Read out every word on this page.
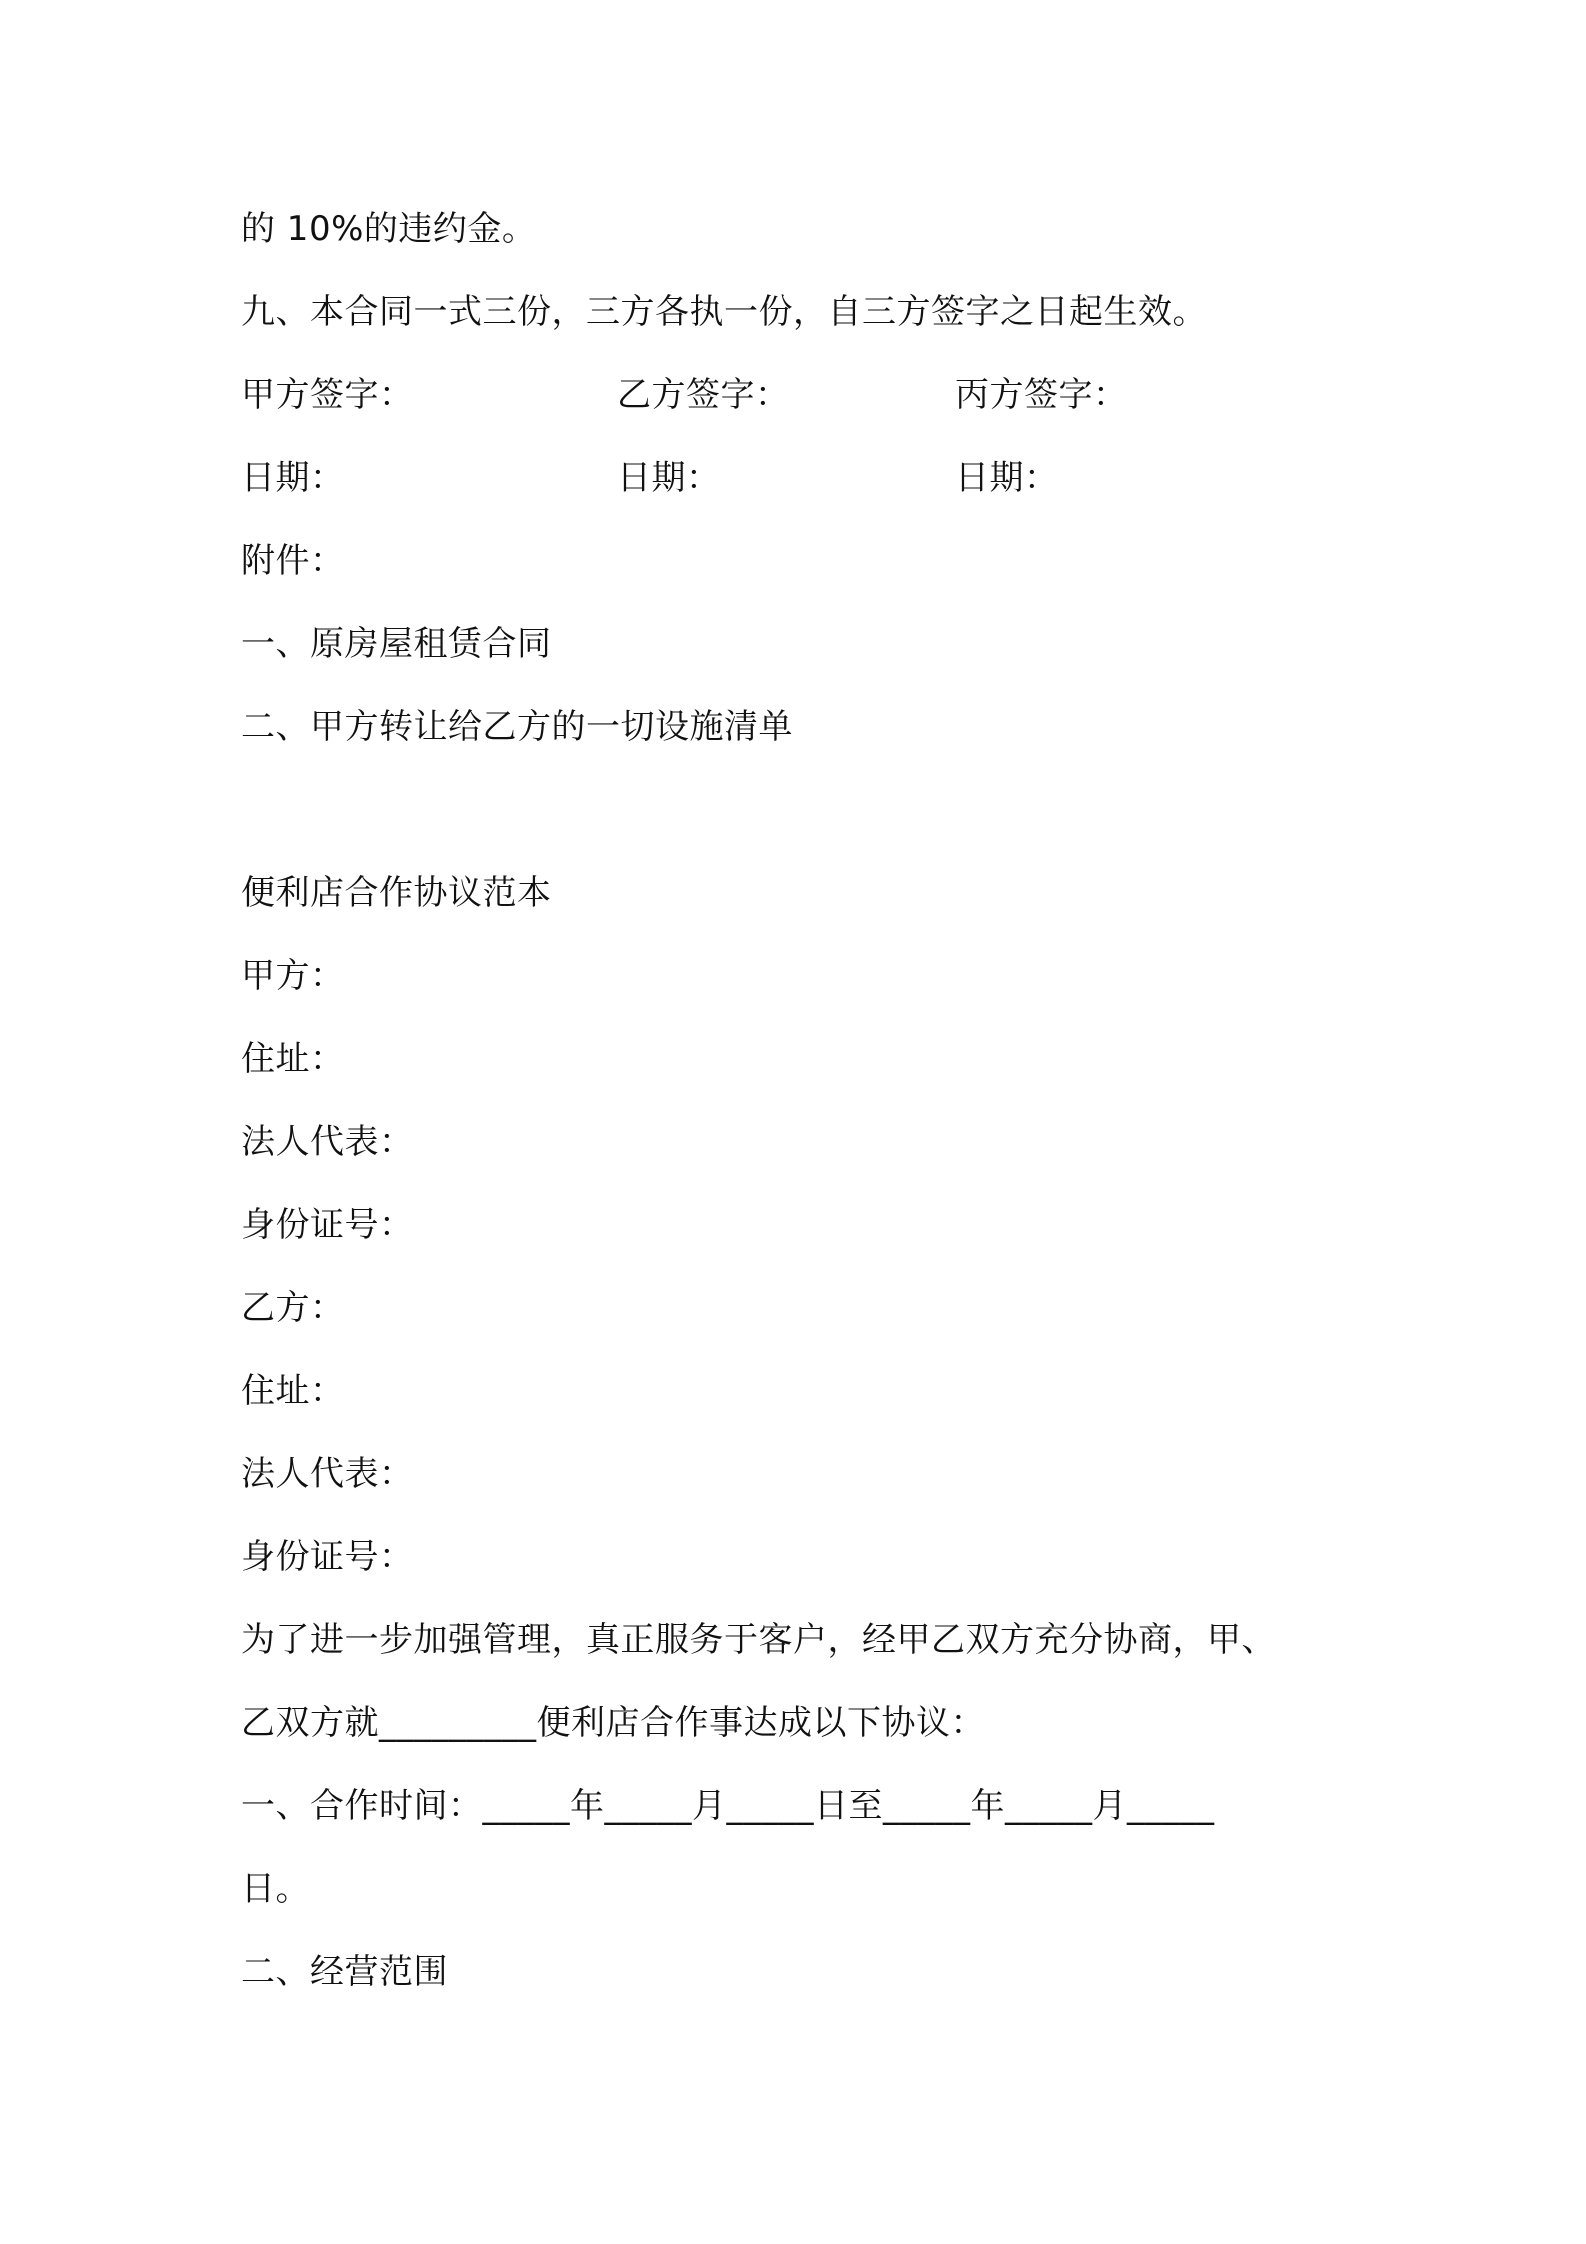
的 10%的违约金。
九、本合同一式三份，三方各执一份，自三方签字之日起生效。
甲方签字：	乙方签字：	丙方签字：
日期：	日期：	日期：
附件：
一、原房屋租赁合同
二、甲方转让给乙方的一切设施清单
便利店合作协议范本
甲方：
住址：
法人代表：
身份证号：
乙方：
住址：
法人代表：
身份证号：
为了进一步加强管理，真正服务于客户，经甲乙双方充分协商，甲、
乙双方就_________便利店合作事达成以下协议：
一、合作时间：_____年_____月_____日至_____年_____月_____
日。
二、经营范围
